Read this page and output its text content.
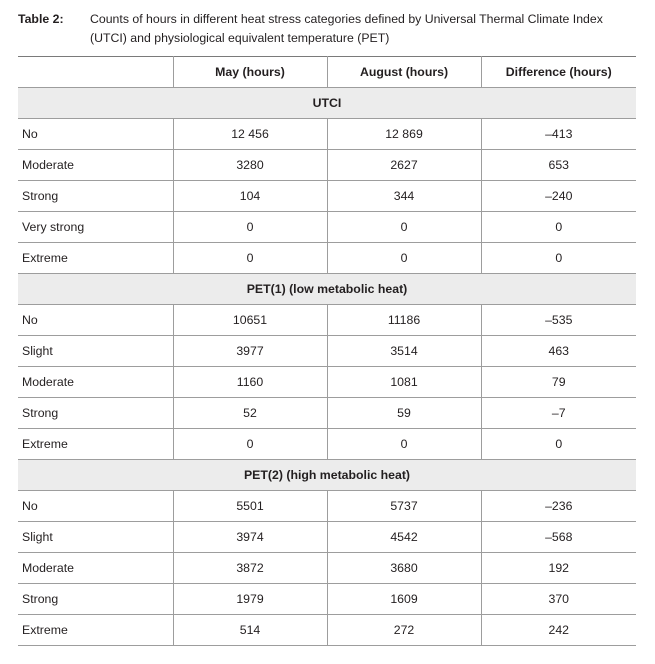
Table 2: Counts of hours in different heat stress categories defined by Universal Thermal Climate Index (UTCI) and physiological equivalent temperature (PET)
	May (hours)	August (hours)	Difference (hours)
UTCI			
No	12 456	12 869	–413
Moderate	3280	2627	653
Strong	104	344	–240
Very strong	0	0	0
Extreme	0	0	0
PET(1) (low metabolic heat)			
No	10651	11186	–535
Slight	3977	3514	463
Moderate	1160	1081	79
Strong	52	59	–7
Extreme	0	0	0
PET(2) (high metabolic heat)			
No	5501	5737	–236
Slight	3974	4542	–568
Moderate	3872	3680	192
Strong	1979	1609	370
Extreme	514	272	242
